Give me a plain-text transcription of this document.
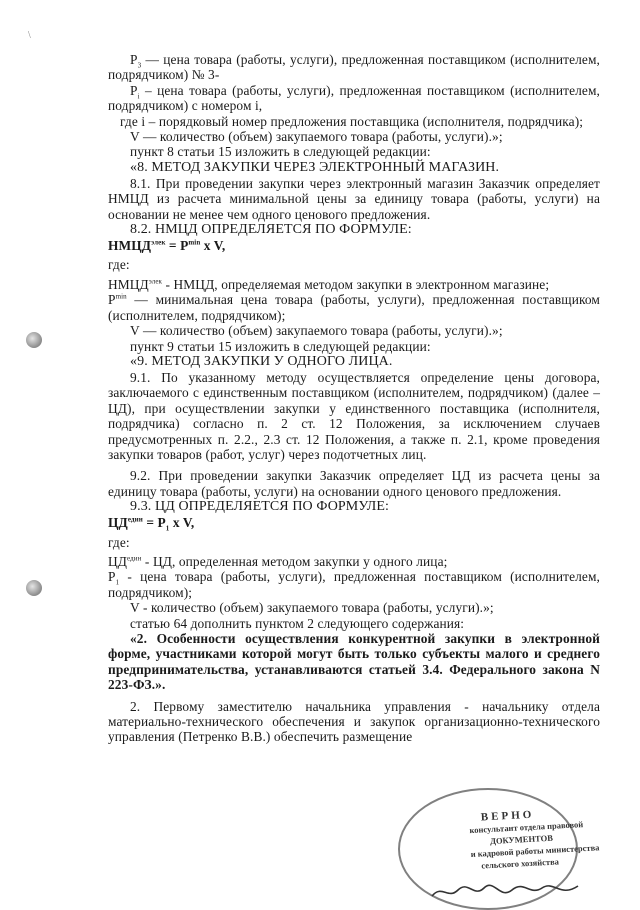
\

$Р_3$ — цена товара (работы, услуги), предложенная поставщиком (исполнителем, подрядчиком) № 3-

$Р_i$ – цена товара (работы, услуги), предложенная поставщиком (исполнителем, подрядчиком) с номером i,

где i – порядковый номер предложения поставщика (исполнителя, подрядчика);

V — количество (объем) закупаемого товара (работы, услуги).»;

пункт 8 статьи 15 изложить в следующей редакции:

«8. МЕТОД ЗАКУПКИ ЧЕРЕЗ ЭЛЕКТРОННЫЙ МАГАЗИН.

8.1. При проведении закупки через электронный магазин Заказчик определяет НМЦД из расчета минимальной цены за единицу товара (работы, услуги) на основании не менее чем одного ценового предложения.

8.2. НМЦД ОПРЕДЕЛЯЕТСЯ ПО ФОРМУЛЕ:

$НМЦД^{элек} = Р^{min}$ x V,

где:

$НМЦД^{элек}$ - НМЦД, определяемая методом закупки в электронном магазине;

$Р^{min}$ — минимальная цена товара (работы, услуги), предложенная поставщиком (исполнителем, подрядчиком);

V — количество (объем) закупаемого товара (работы, услуги).»;

пункт 9 статьи 15 изложить в следующей редакции:

«9. МЕТОД ЗАКУПКИ У ОДНОГО ЛИЦА.

9.1. По указанному методу осуществляется определение цены договора, заключаемого с единственным поставщиком (исполнителем, подрядчиком) (далее – ЦД), при осуществлении закупки у единственного поставщика (исполнителя, подрядчика) согласно п. 2 ст. 12 Положения, за исключением случаев предусмотренных п. 2.2., 2.3 ст. 12 Положения, а также п. 2.1, кроме проведения закупки товаров (работ, услуг) через подотчетных лиц.

9.2. При проведении закупки Заказчик определяет ЦД из расчета цены за единицу товара (работы, услуги) на основании одного ценового предложения.

9.3. ЦД ОПРЕДЕЛЯЕТСЯ ПО ФОРМУЛЕ:

$ЦД^{един} = Р_1$ x V,

где:

$ЦД^{един}$ - ЦД, определенная методом закупки у одного лица;

$Р_1$ - цена товара (работы, услуги), предложенная поставщиком (исполнителем, подрядчиком);

V - количество (объем) закупаемого товара (работы, услуги).»;

статью 64 дополнить пунктом 2 следующего содержания:

«2. Особенности осуществления конкурентной закупки в электронной форме, участниками которой могут быть только субъекты малого и среднего предпринимательства, устанавливаются статьей 3.4. Федерального закона N 223-ФЗ.».

2. Первому заместителю начальника управления - начальнику отдела материально-технического обеспечения и закупок организационно-технического управления (Петренко В.В.) обеспечить размещение

ВЕРНО
консультант отдела правовой
ДОКУМЕНТОВ
и кадровой работы министерства
сельского хозяйства
